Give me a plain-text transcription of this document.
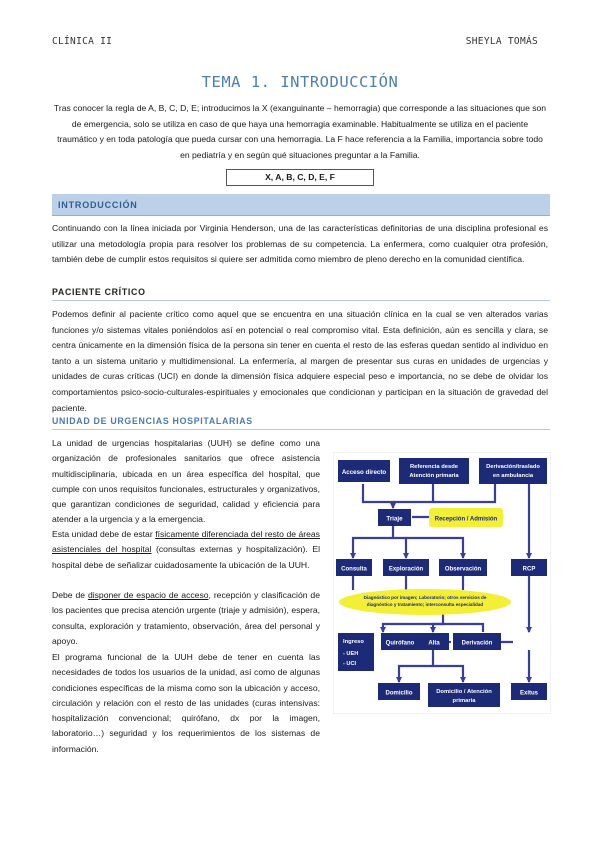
CLÍNICA II	SHEYLA TOMÁS
TEMA 1. INTRODUCCIÓN
Tras conocer la regla de A, B, C, D, E; introducimos la X (exanguinante – hemorragia) que corresponde a las situaciones que son de emergencia, solo se utiliza en caso de que haya una hemorragia examinable. Habitualmente se utiliza en el paciente traumático y en toda patología que pueda cursar con una hemorragia. La F hace referencia a la Familia, importancia sobre todo en pediatría y en según qué situaciones preguntar a la Familia.
X, A, B, C, D, E, F
INTRODUCCIÓN
Continuando con la línea iniciada por Virginia Henderson, una de las características definitorias de una disciplina profesional es utilizar una metodología propia para resolver los problemas de su competencia. La enfermera, como cualquier otra profesión, también debe de cumplir estos requisitos si quiere ser admitida como miembro de pleno derecho en la comunidad científica.
PACIENTE CRÍTICO
Podemos definir al paciente crítico como aquel que se encuentra en una situación clínica en la cual se ven alterados varias funciones y/o sistemas vitales poniéndolos así en potencial o real compromiso vital. Esta definición, aún es sencilla y clara, se centra únicamente en la dimensión física de la persona sin tener en cuenta el resto de las esferas quedan sentido al individuo en tanto a un sistema unitario y multidimensional. La enfermería, al margen de presentar sus curas en unidades de urgencias y unidades de curas críticas (UCI) en donde la dimensión física adquiere especial peso e importancia, no se debe de olvidar los comportamientos psico-socio-culturales-espirituales y emocionales que condicionan y participan en la situación de gravedad del paciente.
UNIDAD DE URGENCIAS HOSPITALARIAS
La unidad de urgencias hospitalarias (UUH) se define como una organización de profesionales sanitarios que ofrece asistencia multidisciplinaria, ubicada en un área específica del hospital, que cumple con unos requisitos funcionales, estructurales y organizativos, que garantizan condiciones de seguridad, calidad y eficiencia para atender a la urgencia y a la emergencia.
Esta unidad debe de estar físicamente diferenciada del resto de áreas asistenciales del hospital (consultas externas y hospitalización). El hospital debe de señalizar cuidadosamente la ubicación de la UUH.
Debe de disponer de espacio de acceso, recepción y clasificación de los pacientes que precisa atención urgente (triaje y admisión), espera, consulta, exploración y tratamiento, observación, área del personal y apoyo.
El programa funcional de la UUH debe de tener en cuenta las necesidades de todos los usuarios de la unidad, así como de algunas condiciones específicas de la misma como son la ubicación y acceso, circulación y relación con el resto de las unidades (curas intensivas: hospitalización convencional; quirófano, dx por la imagen, laboratorio…) seguridad y los requerimientos de los sistemas de información.
Acceso directo
Referencia desde
Atención primaria
Derivación/traslado
en ambulancia
Triaje	Recepción / Admisión
Consulta	Exploración	Observación	RCP
Diagnóstico por imagen; Laboratorio; otros servicios de
diagnóstico y tratamiento; interconsulta especialidad
Ingreso
- UEH
- UCI
Quirófano Alta	Derivación
Domicilio	Domicilio / Atención
primaria
Exitus
